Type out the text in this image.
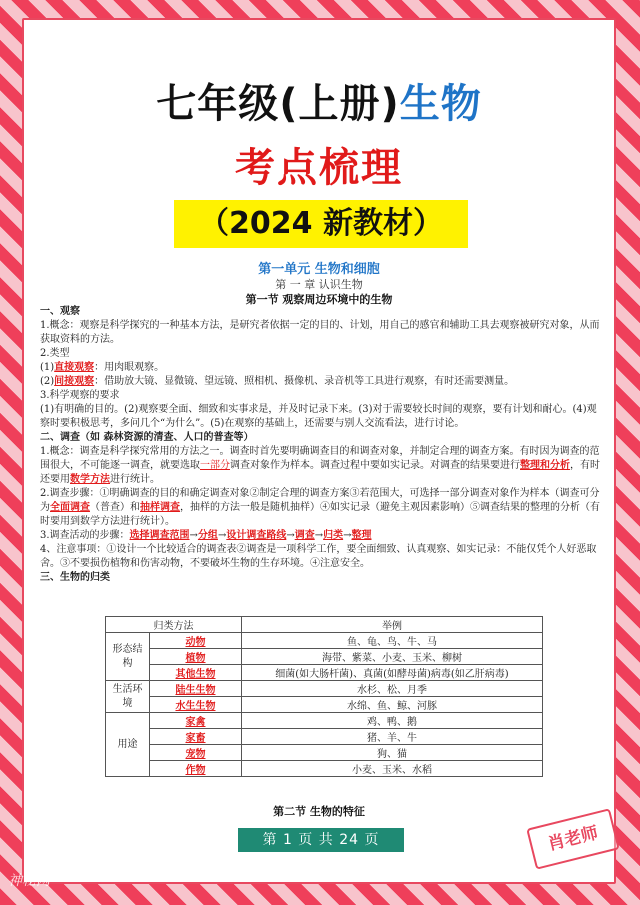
七年级(上册)生物
考点梳理
（2024 新教材）
第一单元 生物和细胞
第 一 章 认识生物
第一节 观察周边环境中的生物
一、观察
1.概念：观察是科学探究的一种基本方法，是研究者依据一定的目的、计划，用自己的感官和辅助工具去观察被研究对象，从而获取资料的方法。
2.类型
(1)直接观察：用肉眼观察。
(2)间接观察：借助放大镜、显微镜、望远镜、照相机、摄像机、录音机等工具进行观察，有时还需要测量。
3.科学观察的要求
(1)有明确的目的。(2)观察要全面、细致和实事求是，并及时记录下来。(3)对于需要较长时间的观察，要有计划和耐心。(4)观察时要积极思考，多问几个“为什么”。(5)在观察的基础上，还需要与别人交流看法，进行讨论。
二、调查（如 森林资源的清查、人口的普查等）
1.概念：调查是科学探究常用的方法之一。调查时首先要明确调查目的和调查对象，并制定合理的调查方案。有时因为调查的范围很大，不可能逐一调查，就要选取一部分调查对象作为样本。调查过程中要如实记录。对调查的结果要进行整理和分析，有时还要用数学方法进行统计。
2.调查步骤：①明确调查的目的和确定调查对象②制定合理的调查方案③若范围大，可选择一部分调查对象作为样本（调查可分为全面调查（普查）和抽样调查，抽样的方法一般是随机抽样）④如实记录（避免主观因素影响）⑤调查结果的整理的分析（有时要用到数学方法进行统计）。
3.调查活动的步骤：选择调查范围→分组→设计调查路线→调查→归类→整理
4、注意事项：①设计一个比较适合的调查表②调查是一项科学工作，要全面细致、认真观察、如实记录：不能仅凭个人好恶取舍。③不要损伤植物和伤害动物，不要破坏生物的生存环境。④注意安全。
三、生物的归类
归类方法		举例
形态结构	动物	鱼、龟、鸟、牛、马
	植物	海带、紫菜、小麦、玉米、柳树
	其他生物	细菌(如大肠杆菌)、真菌(如酵母菌)病毒(如乙肝病毒)
生活环境	陆生生物	水杉、松、月季
	水生生物	水绵、鱼、鲸、河豚
用途	家禽	鸡、鸭、鹅
	家畜	猪、羊、牛
	宠物	狗、猫
	作物	小麦、玉米、水稻
第二节 生物的特征
第 1 页 共 24 页	肖老师
神秘网
